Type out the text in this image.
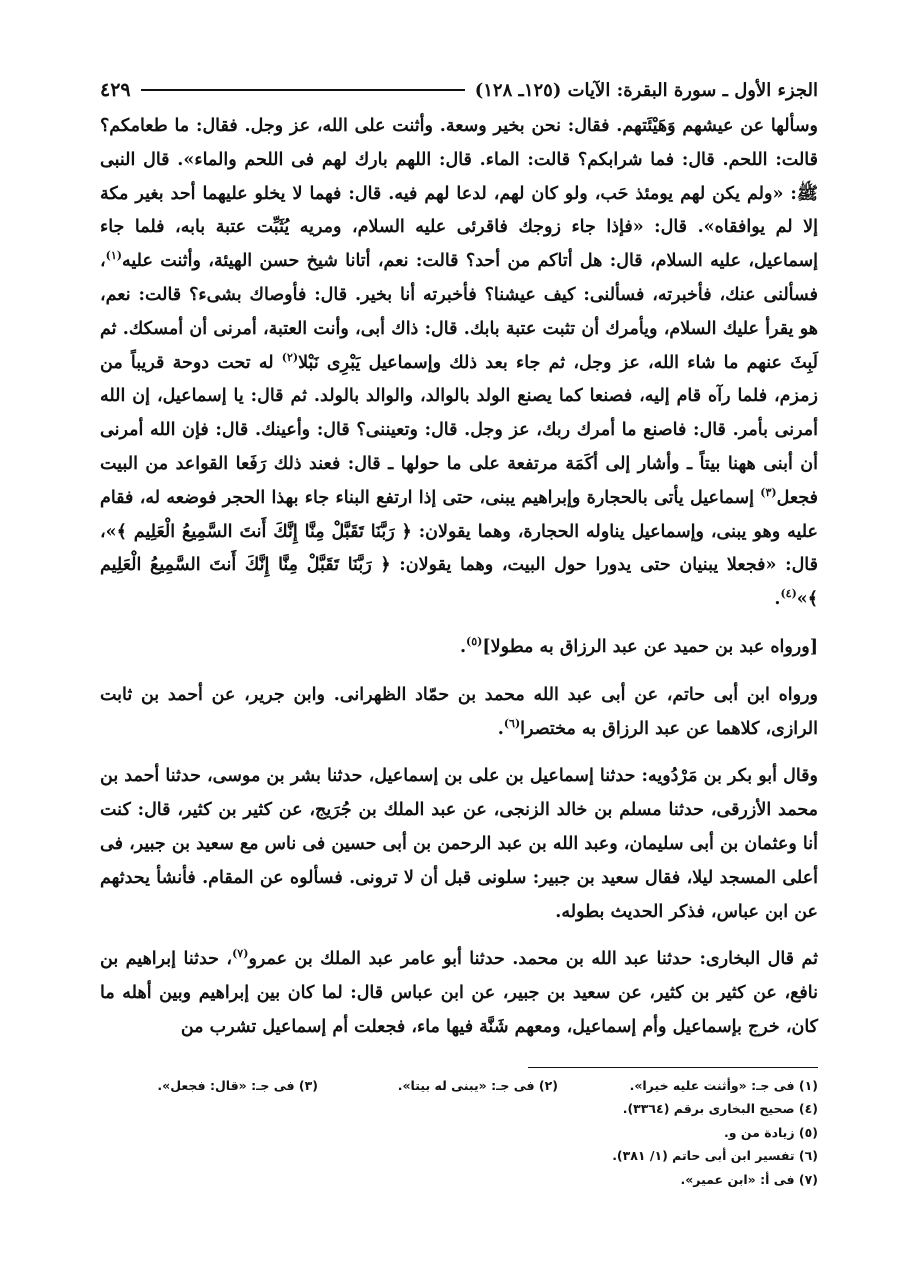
الجزء الأول ـ سورة البقرة: الآيات (١٢٥ـ ١٢٨)
٤٢٩

وسألها عن عيشهم وَهَيْئَتهم. فقال: نحن بخير وسعة. وأثنت على الله، عز وجل. فقال: ما طعامكم؟ قالت: اللحم. قال: فما شرابكم؟ قالت: الماء. قال: اللهم بارك لهم فى اللحم والماء». قال النبى ﷺ: «ولم يكن لهم يومئذ حَب، ولو كان لهم، لدعا لهم فيه. قال: فهما لا يخلو عليهما أحد بغير مكة إلا لم يوافقاه». قال: «فإذا جاء زوجك فاقرئى عليه السلام، ومريه يُثَبِّت عتبة بابه، فلما جاء إسماعيل، عليه السلام، قال: هل أتاكم من أحد؟ قالت: نعم، أتانا شيخ حسن الهيئة، وأثنت عليه$^{(١)}$، فسألنى عنك، فأخبرته، فسألنى: كيف عيشنا؟ فأخبرته أنا بخير. قال: فأوصاك بشىء؟ قالت: نعم، هو يقرأ عليك السلام، ويأمرك أن تثبت عتبة بابك. قال: ذاك أبى، وأنت العتبة، أمرنى أن أمسكك. ثم لَبِثَ عنهم ما شاء الله، عز وجل، ثم جاء بعد ذلك وإسماعيل يَبْرِى نَبْلا$^{(٢)}$ له تحت دوحة قريباً من زمزم، فلما رآه قام إليه، فصنعا كما يصنع الولد بالوالد، والوالد بالولد. ثم قال: يا إسماعيل، إن الله أمرنى بأمر. قال: فاصنع ما أمرك ربك، عز وجل. قال: وتعيننى؟ قال: وأعينك. قال: فإن الله أمرنى أن أبنى ههنا بيتاً ـ وأشار إلى أكَمَة مرتفعة على ما حولها ـ قال: فعند ذلك رَفَعا القواعد من البيت فجعل$^{(٣)}$ إسماعيل يأتى بالحجارة وإبراهيم يبنى، حتى إذا ارتفع البناء جاء بهذا الحجر فوضعه له، فقام عليه وهو يبنى، وإسماعيل يناوله الحجارة، وهما يقولان: ﴿ رَبَّنَا تَقَبَّلْ مِنَّا إِنَّكَ أَنتَ السَّمِيعُ الْعَلِيم ﴾»، قال: «فجعلا يبنيان حتى يدورا حول البيت، وهما يقولان: ﴿ رَبَّنَا تَقَبَّلْ مِنَّا إِنَّكَ أَنتَ السَّمِيعُ الْعَلِيم ﴾»$^{(٤)}$.

[ورواه عبد بن حميد عن عبد الرزاق به مطولا]$^{(٥)}$.

ورواه ابن أبى حاتم، عن أبى عبد الله محمد بن حمّاد الظهرانى. وابن جرير، عن أحمد بن ثابت الرازى، كلاهما عن عبد الرزاق به مختصرا$^{(٦)}$.

وقال أبو بكر بن مَرْدُويه: حدثنا إسماعيل بن على بن إسماعيل، حدثنا بشر بن موسى، حدثنا أحمد بن محمد الأزرقى، حدثنا مسلم بن خالد الزنجى، عن عبد الملك بن جُرَيج، عن كثير بن كثير، قال: كنت أنا وعثمان بن أبى سليمان، وعبد الله بن عبد الرحمن بن أبى حسين فى ناس مع سعيد بن جبير، فى أعلى المسجد ليلا، فقال سعيد بن جبير: سلونى قبل أن لا ترونى. فسألوه عن المقام. فأنشأ يحدثهم عن ابن عباس، فذكر الحديث بطوله.

ثم قال البخارى: حدثنا عبد الله بن محمد. حدثنا أبو عامر عبد الملك بن عمرو$^{(٧)}$، حدثنا إبراهيم بن نافع، عن كثير بن كثير، عن سعيد بن جبير، عن ابن عباس قال: لما كان بين إبراهيم وبين أهله ما كان، خرج بإسماعيل وأم إسماعيل، ومعهم شَنَّة فيها ماء، فجعلت أم إسماعيل تشرب من

(١) فى جـ: «وأثنت عليه خيرا».
(٢) فى جـ: «يبنى له بيتا».
(٣) فى جـ: «قال: فجعل».
(٤) صحيح البخارى برقم (٣٣٦٤).
(٥) زيادة من و.
(٦) تفسير ابن أبى حاتم (١/ ٣٨١).
(٧) فى أ: «ابن عمير».
